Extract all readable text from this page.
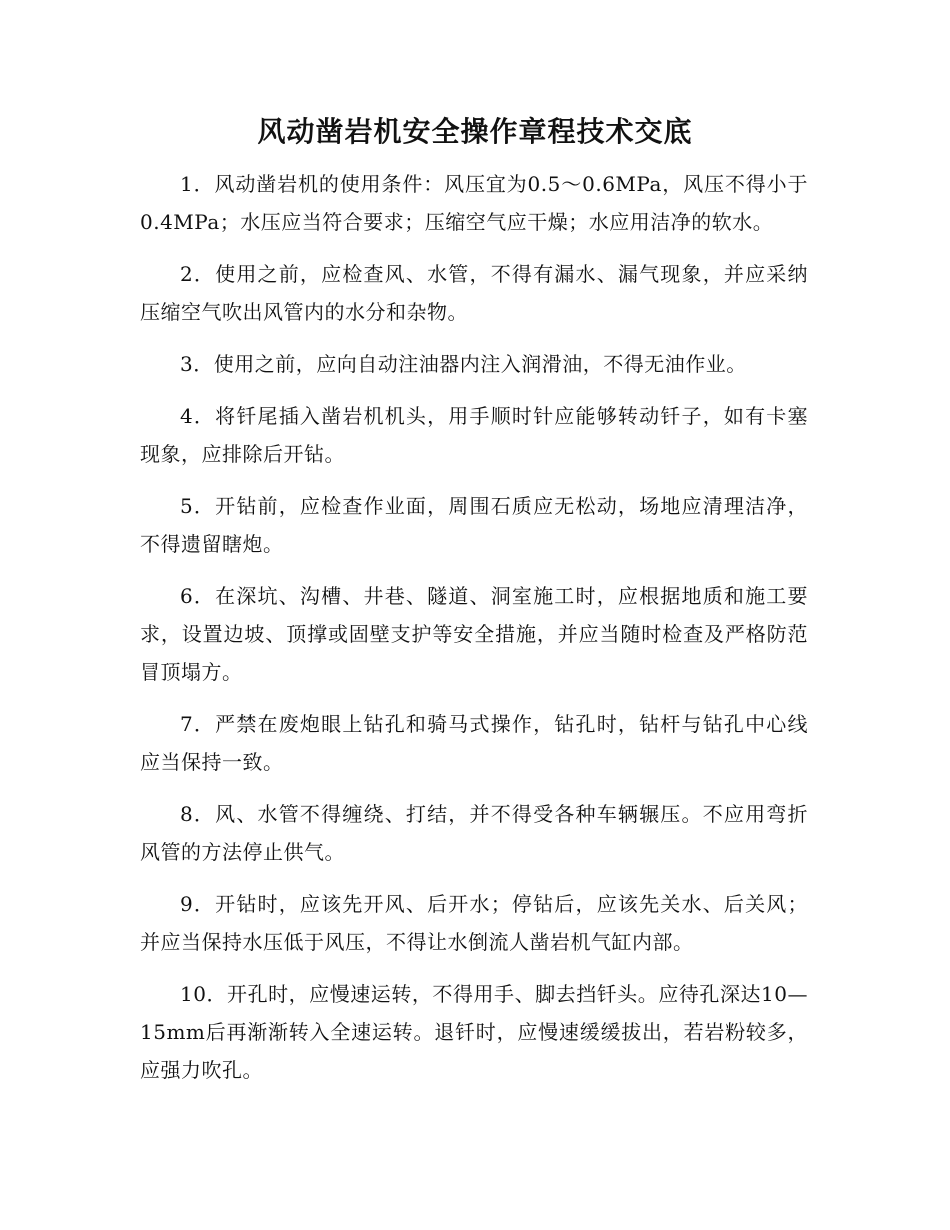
风动凿岩机安全操作章程技术交底

1．风动凿岩机的使用条件：风压宜为0.5～0.6MPa，风压不得小于0.4MPa；水压应当符合要求；压缩空气应干燥；水应用洁净的软水。

2．使用之前，应检查风、水管，不得有漏水、漏气现象，并应采纳压缩空气吹出风管内的水分和杂物。

3．使用之前，应向自动注油器内注入润滑油，不得无油作业。

4．将钎尾插入凿岩机机头，用手顺时针应能够转动钎子，如有卡塞现象，应排除后开钻。

5．开钻前，应检查作业面，周围石质应无松动，场地应清理洁净，不得遗留瞎炮。

6．在深坑、沟槽、井巷、隧道、洞室施工时，应根据地质和施工要求，设置边坡、顶撑或固壁支护等安全措施，并应当随时检查及严格防范冒顶塌方。

7．严禁在废炮眼上钻孔和骑马式操作，钻孔时，钻杆与钻孔中心线应当保持一致。

8．风、水管不得缠绕、打结，并不得受各种车辆辗压。不应用弯折风管的方法停止供气。

9．开钻时，应该先开风、后开水；停钻后，应该先关水、后关风；并应当保持水压低于风压，不得让水倒流人凿岩机气缸内部。

10．开孔时，应慢速运转，不得用手、脚去挡钎头。应待孔深达10—15mm后再渐渐转入全速运转。退钎时，应慢速缓缓拔出，若岩粉较多，应强力吹孔。
